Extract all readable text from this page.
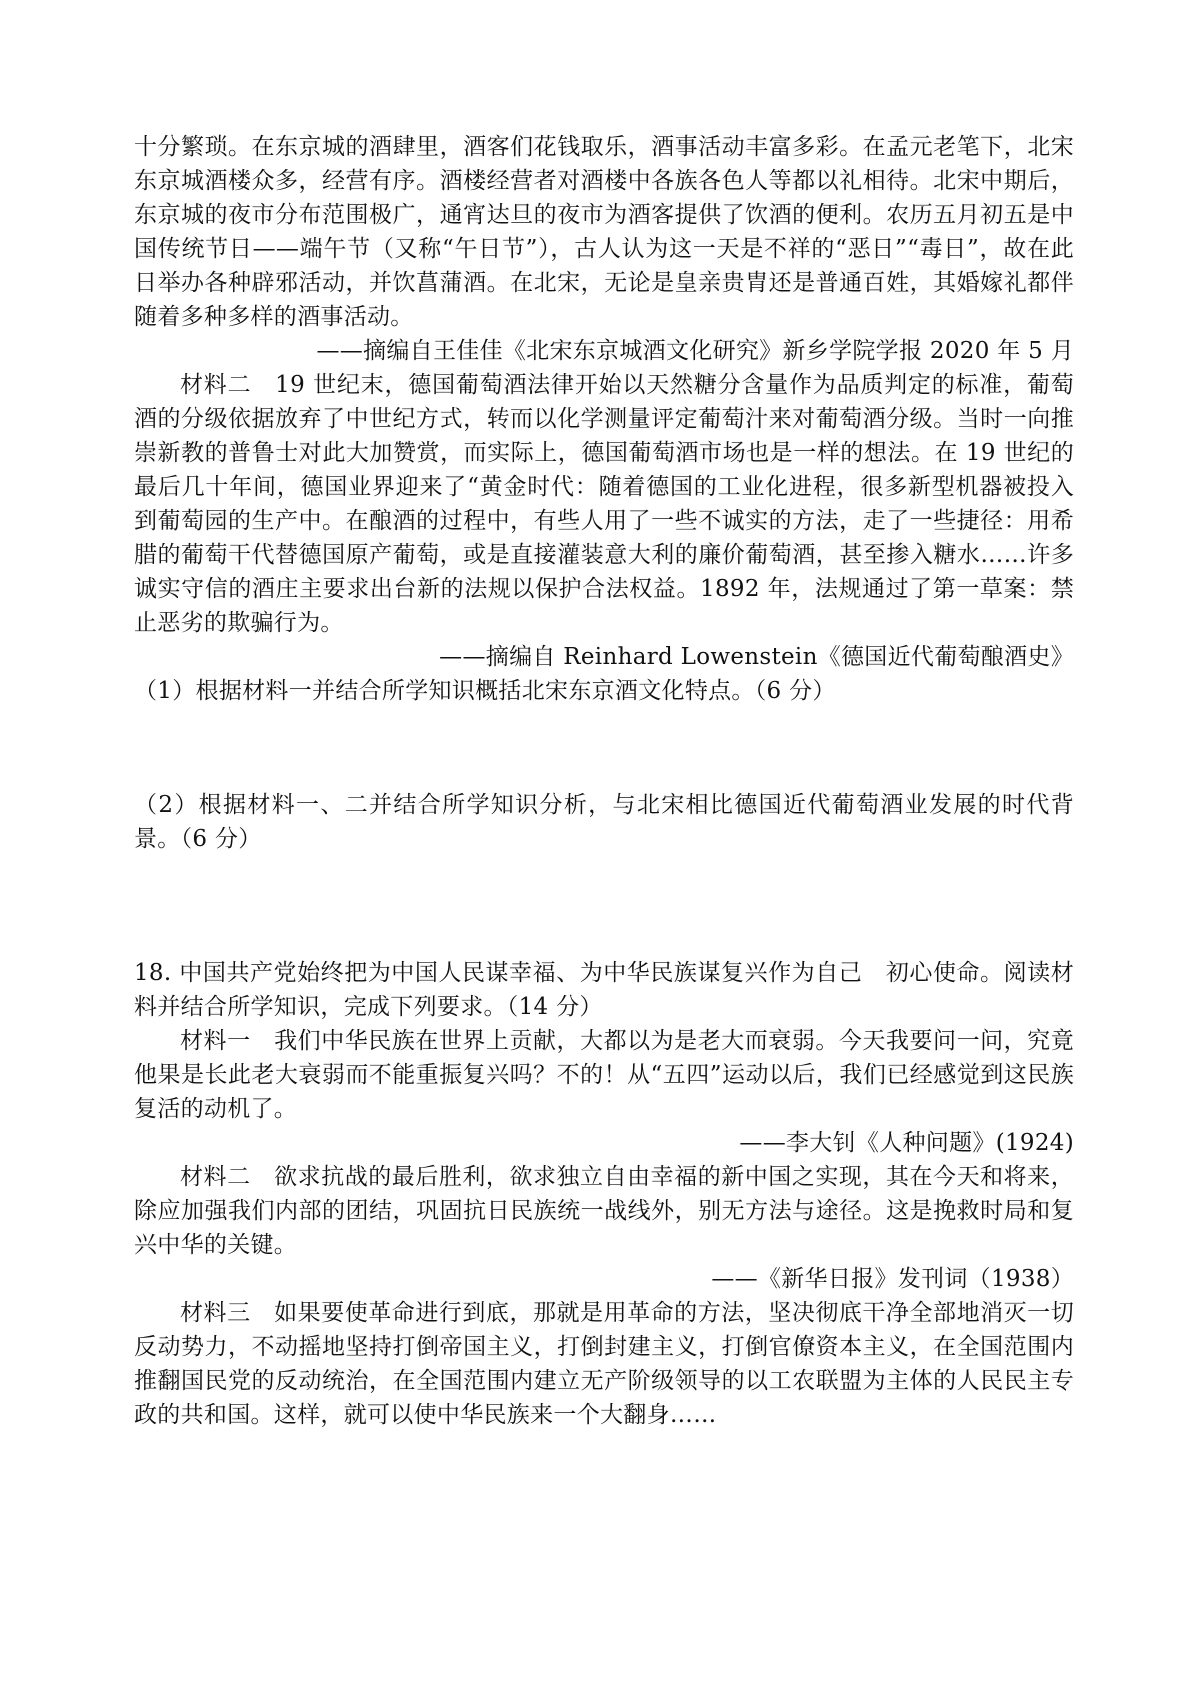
十分繁琐。在东京城的酒肆里，酒客们花钱取乐，酒事活动丰富多彩。在孟元老笔下，北宋东京城酒楼众多，经营有序。酒楼经营者对酒楼中各族各色人等都以礼相待。北宋中期后，东京城的夜市分布范围极广，通宵达旦的夜市为酒客提供了饮酒的便利。农历五月初五是中国传统节日——端午节（又称“午日节”），古人认为这一天是不祥的“恶日”“毒日”，故在此日举办各种辟邪活动，并饮菖蒲酒。在北宋，无论是皇亲贵胄还是普通百姓，其婚嫁礼都伴随着多种多样的酒事活动。

——摘编自王佳佳《北宋东京城酒文化研究》新乡学院学报 2020 年 5 月

材料二　19 世纪末，德国葡萄酒法律开始以天然糖分含量作为品质判定的标准，葡萄酒的分级依据放弃了中世纪方式，转而以化学测量评定葡萄汁来对葡萄酒分级。当时一向推崇新教的普鲁士对此大加赞赏，而实际上，德国葡萄酒市场也是一样的想法。在 19 世纪的最后几十年间，德国业界迎来了“黄金时代：随着德国的工业化进程，很多新型机器被投入到葡萄园的生产中。在酿酒的过程中，有些人用了一些不诚实的方法，走了一些捷径：用希腊的葡萄干代替德国原产葡萄，或是直接灌装意大利的廉价葡萄酒，甚至掺入糖水……许多诚实守信的酒庄主要求出台新的法规以保护合法权益。1892 年，法规通过了第一草案：禁止恶劣的欺骗行为。

——摘编自 Reinhard Lowenstein《德国近代葡萄酿酒史》

（1）根据材料一并结合所学知识概括北宋东京酒文化特点。（6 分）

（2）根据材料一、二并结合所学知识分析，与北宋相比德国近代葡萄酒业发展的时代背景。（6 分）

18. 中国共产党始终把为中国人民谋幸福、为中华民族谋复兴作为自己　初心使命。阅读材料并结合所学知识，完成下列要求。（14 分）

材料一　我们中华民族在世界上贡献，大都以为是老大而衰弱。今天我要问一问，究竟他果是长此老大衰弱而不能重振复兴吗？不的！从“五四”运动以后，我们已经感觉到这民族复活的动机了。

——李大钊《人种问题》(1924)

材料二　欲求抗战的最后胜利，欲求独立自由幸福的新中国之实现，其在今天和将来，除应加强我们内部的团结，巩固抗日民族统一战线外，别无方法与途径。这是挽救时局和复兴中华的关键。

——《新华日报》发刊词（1938）

材料三　如果要使革命进行到底，那就是用革命的方法，坚决彻底干净全部地消灭一切反动势力，不动摇地坚持打倒帝国主义，打倒封建主义，打倒官僚资本主义，在全国范围内推翻国民党的反动统治，在全国范围内建立无产阶级领导的以工农联盟为主体的人民民主专政的共和国。这样，就可以使中华民族来一个大翻身……
